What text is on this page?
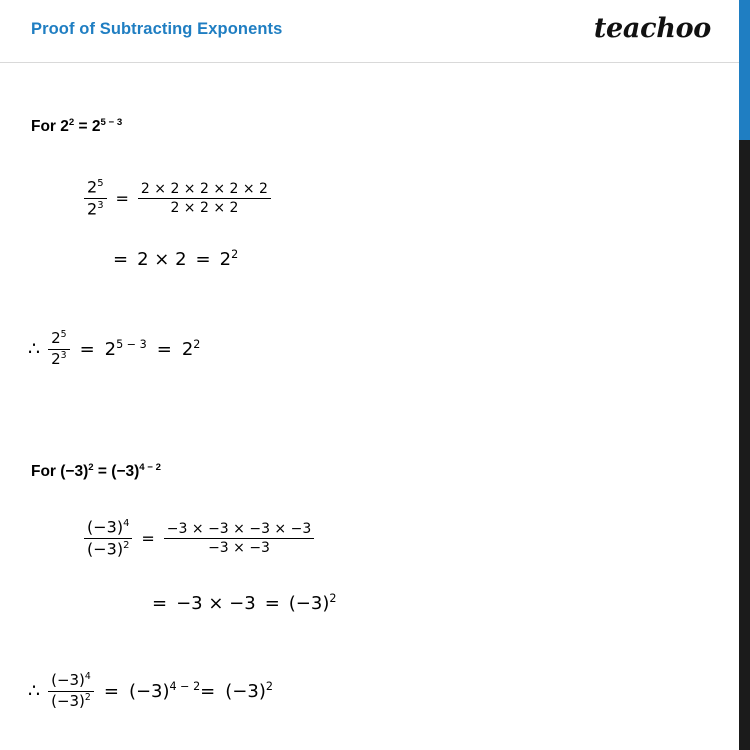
Proof of Subtracting Exponents	teachoo
For $2^2 = 2^{5 - 3}$
$\frac{2^5}{2^3} = \frac{2 \times 2 \times 2 \times 2 \times 2}{2 \times 2 \times 2}$
= $2 \times 2 = 2^2$
∴ $\frac{2^5}{2^3} = 2^{5 - 3} = 2^2$
For $(-3)^2 = (-3)^{4 - 2}$
$\frac{(-3)^4}{(-3)^2} = \frac{-3 \times -3 \times -3 \times -3}{-3 \times -3}$
= $-3 \times -3 = (-3)^2$
∴ $\frac{(-3)^4}{(-3)^2} = (-3)^{4 - 2} = (-3)^2$
